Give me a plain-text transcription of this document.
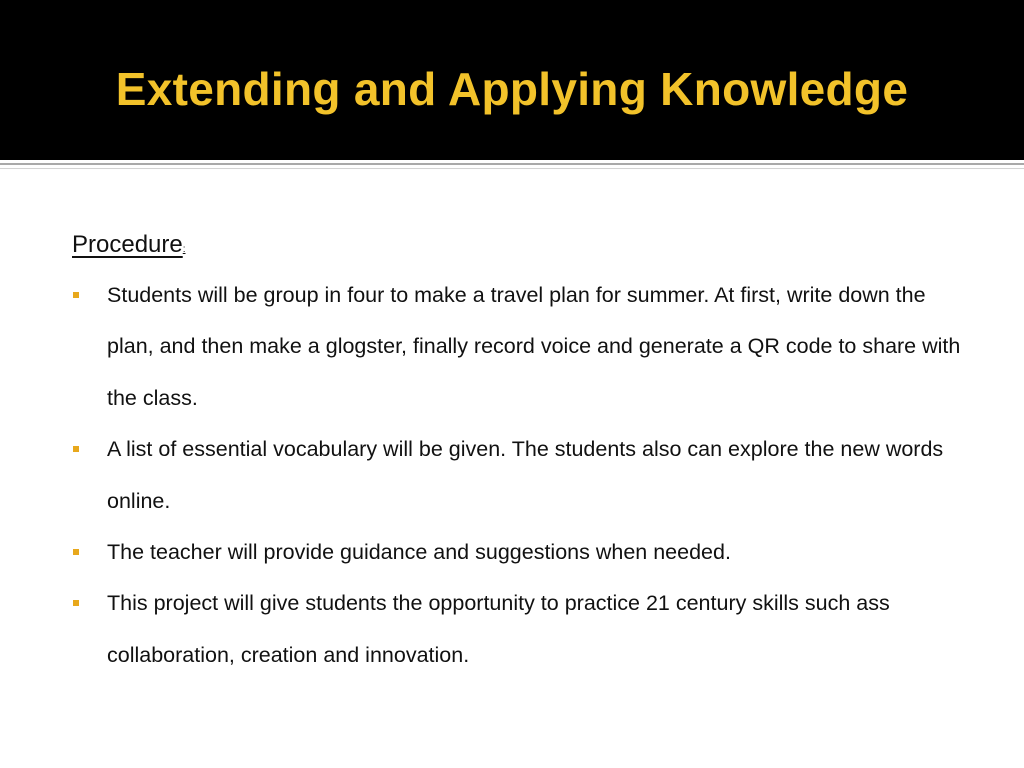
Extending and Applying Knowledge
Procedure:
Students will be group in four to make a travel plan for summer. At first, write down the plan, and then make a glogster, finally record voice and generate a QR code to share with the class.
A list of essential vocabulary will be given. The students also can explore the new words online.
The teacher will provide guidance and suggestions when needed.
This project will give students the opportunity to practice 21 century skills such ass collaboration, creation and innovation.
